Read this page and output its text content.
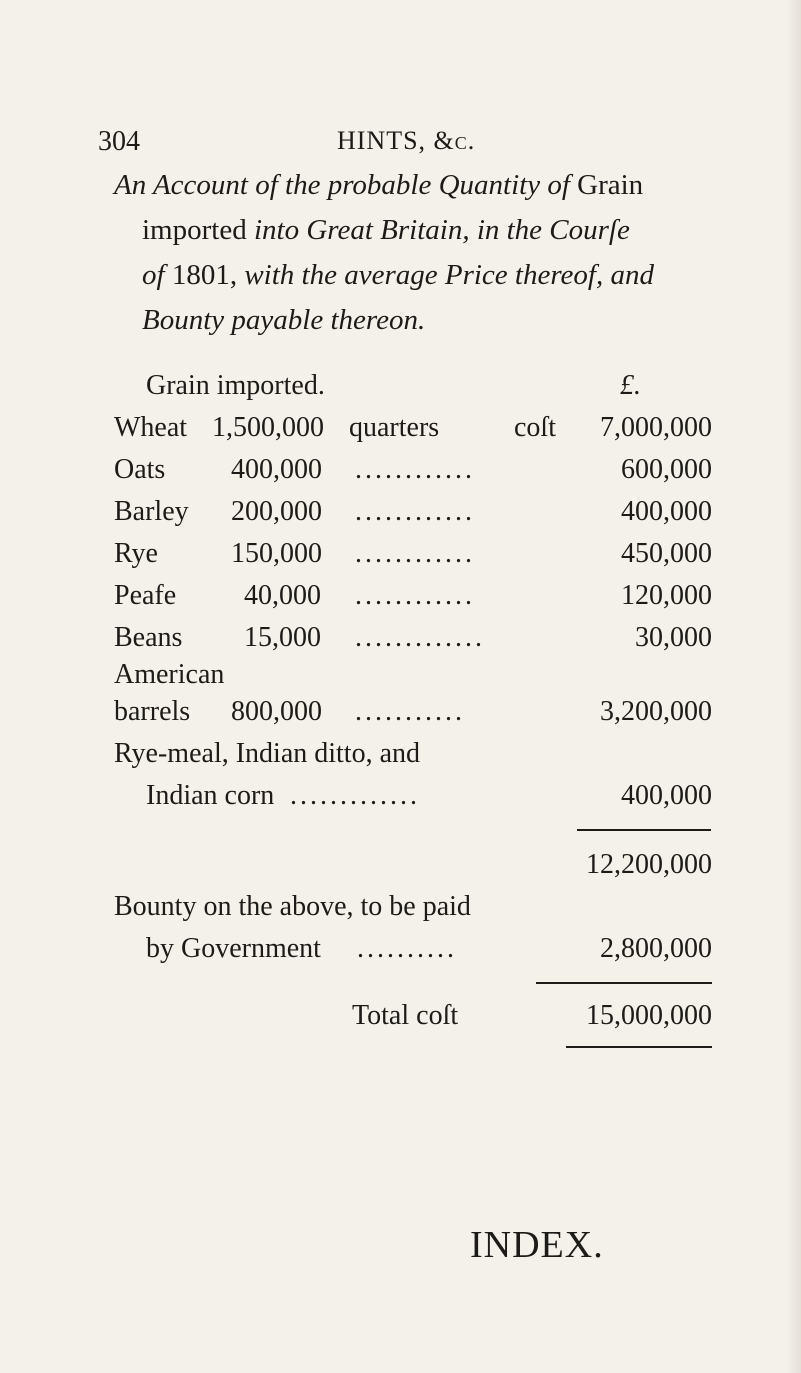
304	HINTS, &c.
An Account of the probable Quantity of Grain
imported into Great Britain, in the Courſe
of 1801, with the average Price thereof, and
Bounty payable thereon.
Grain imported.	£.
Wheat 1,500,000 quarters	coſt	7,000,000
Oats 400,000 ............	600,000
Barley 200,000 ............	400,000
Rye	150,000 ............	450,000
Peafe 40,000 ............	120,000
Beans 15,000 .............	30,000
American
barrels 800,000 ...........	3,200,000
Rye-meal, Indian ditto, and
Indian corn .............	400,000
12,200,000
Bounty on the above, to be paid
by Government ..........	2,800,000
Total coſt	15,000,000
INDEX.
